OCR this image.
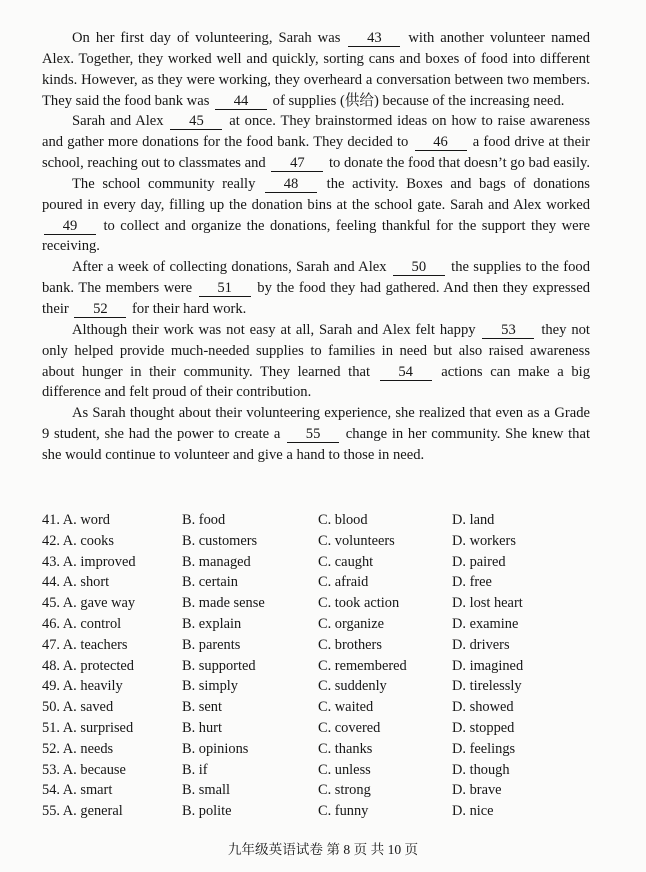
On her first day of volunteering, Sarah was 43 with another volunteer named Alex. Together, they worked well and quickly, sorting cans and boxes of food into different kinds. However, as they were working, they overheard a conversation between two members. They said the food bank was 44 of supplies (供给) because of the increasing need.

Sarah and Alex 45 at once. They brainstormed ideas on how to raise awareness and gather more donations for the food bank. They decided to 46 a food drive at their school, reaching out to classmates and 47 to donate the food that doesn’t go bad easily.

The school community really 48 the activity. Boxes and bags of donations poured in every day, filling up the donation bins at the school gate. Sarah and Alex worked 49 to collect and organize the donations, feeling thankful for the support they were receiving.

After a week of collecting donations, Sarah and Alex 50 the supplies to the food bank. The members were 51 by the food they had gathered. And then they expressed their 52 for their hard work.

Although their work was not easy at all, Sarah and Alex felt happy 53 they not only helped provide much-needed supplies to families in need but also raised awareness about hunger in their community. They learned that 54 actions can make a big difference and felt proud of their contribution.

As Sarah thought about their volunteering experience, she realized that even as a Grade 9 student, she had the power to create a 55 change in her community. She knew that she would continue to volunteer and give a hand to those in need.

41. A. word	B. food	C. blood	D. land
42. A. cooks	B. customers	C. volunteers	D. workers
43. A. improved	B. managed	C. caught	D. paired
44. A. short	B. certain	C. afraid	D. free
45. A. gave way	B. made sense	C. took action	D. lost heart
46. A. control	B. explain	C. organize	D. examine
47. A. teachers	B. parents	C. brothers	D. drivers
48. A. protected	B. supported	C. remembered	D. imagined
49. A. heavily	B. simply	C. suddenly	D. tirelessly
50. A. saved	B. sent	C. waited	D. showed
51. A. surprised	B. hurt	C. covered	D. stopped
52. A. needs	B. opinions	C. thanks	D. feelings
53. A. because	B. if	C. unless	D. though
54. A. smart	B. small	C. strong	D. brave
55. A. general	B. polite	C. funny	D. nice
九年级英语试卷 第 8 页 共 10 页
